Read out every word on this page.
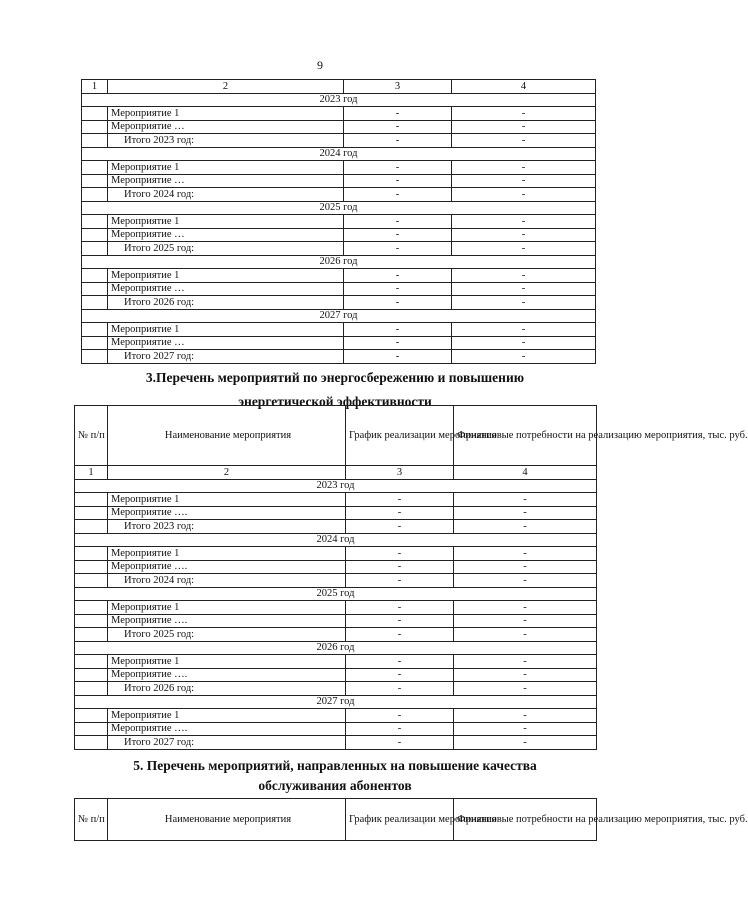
9
1	2	3	4
2023 год			
	Мероприятие 1	-	-
	Мероприятие …	-	-
	Итого 2023 год:	-	-
2024 год			
	Мероприятие 1	-	-
	Мероприятие …	-	-
	Итого 2024 год:	-	-
2025 год			
	Мероприятие 1	-	-
	Мероприятие …	-	-
	Итого 2025 год:	-	-
2026 год			
	Мероприятие 1	-	-
	Мероприятие …	-	-
	Итого 2026 год:	-	-
2027 год			
	Мероприятие 1	-	-
	Мероприятие …	-	-
	Итого 2027 год:	-	-
3.Перечень мероприятий по энергосбережению и повышению
энергетической эффективности
№ п/п	Наименование мероприятия	График реализации мероприятия	Финансовые потребности на реализацию мероприятия, тыс. руб.
1	2	3	4
2023 год			
	Мероприятие 1	-	-
	Мероприятие ….	-	-
	Итого 2023 год:	-	-
2024 год			
	Мероприятие 1	-	-
	Мероприятие ….	-	-
	Итого 2024 год:	-	-
2025 год			
	Мероприятие 1	-	-
	Мероприятие ….	-	-
	Итого 2025 год:	-	-
2026 год			
	Мероприятие 1	-	-
	Мероприятие ….	-	-
	Итого 2026 год:	-	-
2027 год			
	Мероприятие 1	-	-
	Мероприятие ….	-	-
	Итого 2027 год:	-	-
5. Перечень мероприятий, направленных на повышение качества
обслуживания абонентов
№ п/п	Наименование мероприятия	График реализации мероприятия	Финансовые потребности на реализацию мероприятия, тыс. руб.
